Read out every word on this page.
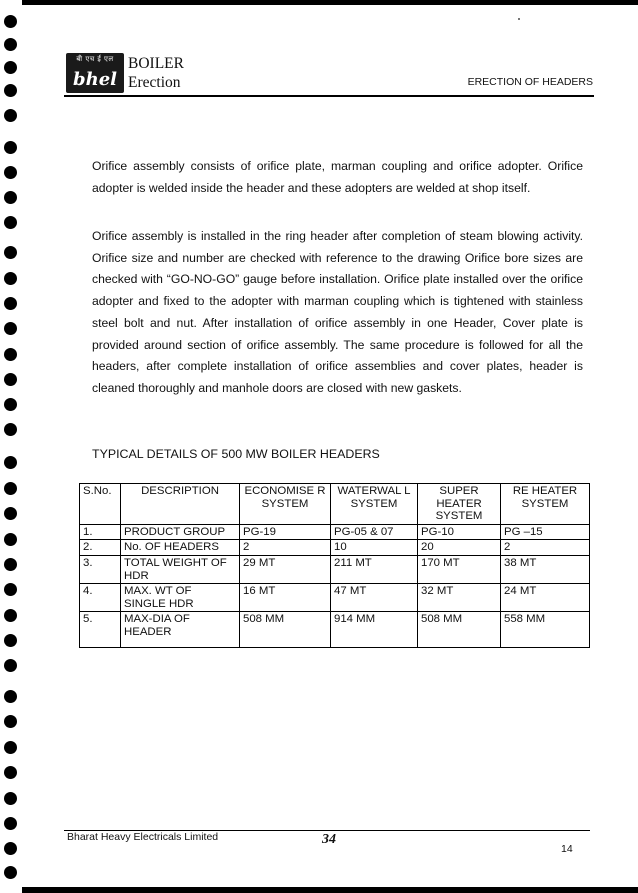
बी एच ई एल
bhel
BOILER
Erection	ERECTION OF HEADERS
Orifice assembly consists of orifice plate, marman coupling and orifice adopter. Orifice adopter is welded inside the header and these adopters are welded at shop itself.
Orifice assembly is installed in the ring header after completion of steam blowing activity. Orifice size and number are checked with reference to the drawing Orifice bore sizes are checked with “GO-NO-GO” gauge before installation. Orifice plate installed over the orifice adopter and fixed to the adopter with marman coupling which is tightened with stainless steel bolt and nut. After installation of orifice assembly in one Header, Cover plate is provided around section of orifice assembly. The same procedure is followed for all the headers, after complete installation of orifice assemblies and cover plates, header is cleaned thoroughly and manhole doors are closed with new gaskets.
TYPICAL DETAILS OF 500 MW BOILER HEADERS
S.No.	DESCRIPTION	ECONOMISE R SYSTEM	WATERWAL L SYSTEM	SUPER HEATER SYSTEM	RE HEATER SYSTEM
1.	PRODUCT GROUP	PG-19	PG-05 & 07	PG-10	PG –15
2.	No. OF HEADERS	2	10	20	2
3.	TOTAL WEIGHT OF HDR	29 MT	211 MT	170 MT	38 MT
4.	MAX. WT OF SINGLE HDR	16 MT	47 MT	32 MT	24 MT
5.	MAX-DIA OF HEADER	508 MM	914 MM	508 MM	558 MM
Bharat Heavy Electricals Limited	34
14
